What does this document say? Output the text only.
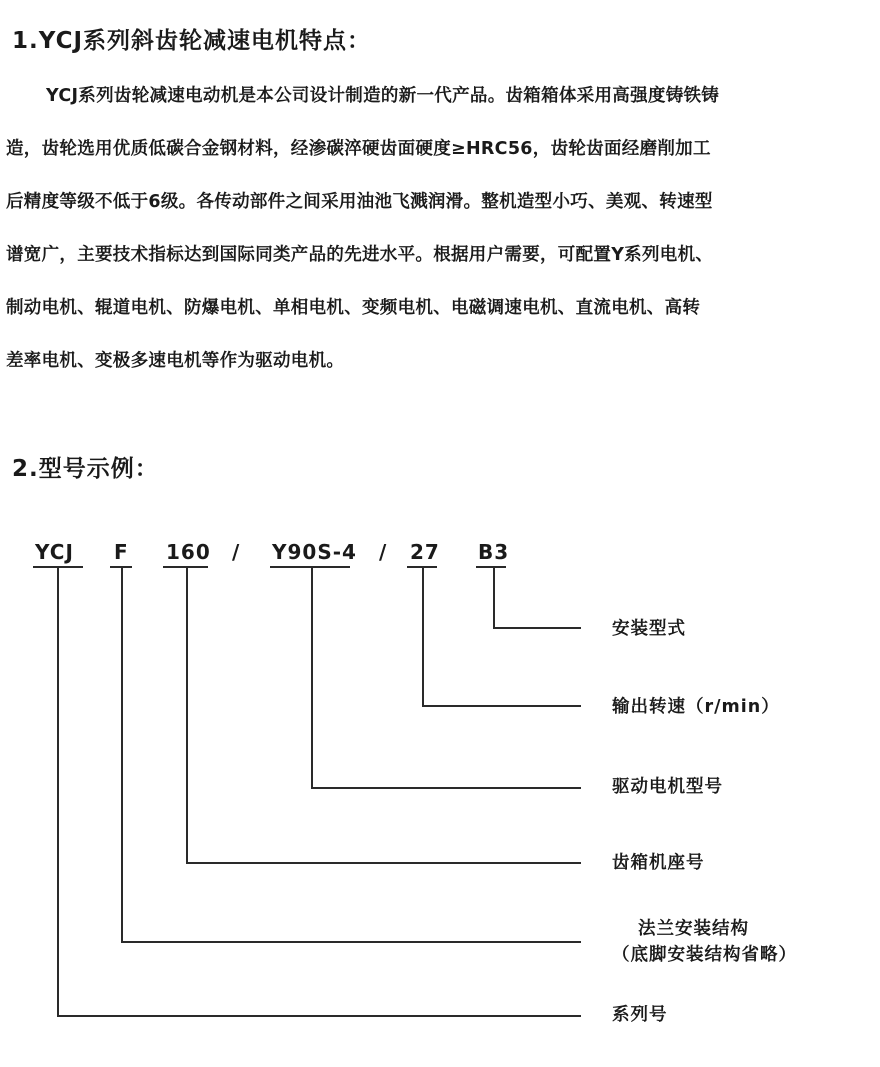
1.YCJ系列斜齿轮减速电机特点：
YCJ系列齿轮减速电动机是本公司设计制造的新一代产品。齿箱箱体采用高强度铸铁铸
造，齿轮选用优质低碳合金钢材料，经渗碳淬硬齿面硬度≥HRC56，齿轮齿面经磨削加工
后精度等级不低于6级。各传动部件之间采用油池飞溅润滑。整机造型小巧、美观、转速型
谱宽广，主要技术指标达到国际同类产品的先进水平。根据用户需要，可配置Y系列电机、
制动电机、辊道电机、防爆电机、单相电机、变频电机、电磁调速电机、直流电机、高转
差率电机、变极多速电机等作为驱动电机。
2.型号示例：
YCJ F 160 / Y90S-4 / 27 B3
安装型式
输出转速（r/min）
驱动电机型号
齿箱机座号
法兰安装结构
（底脚安装结构省略）
系列号
